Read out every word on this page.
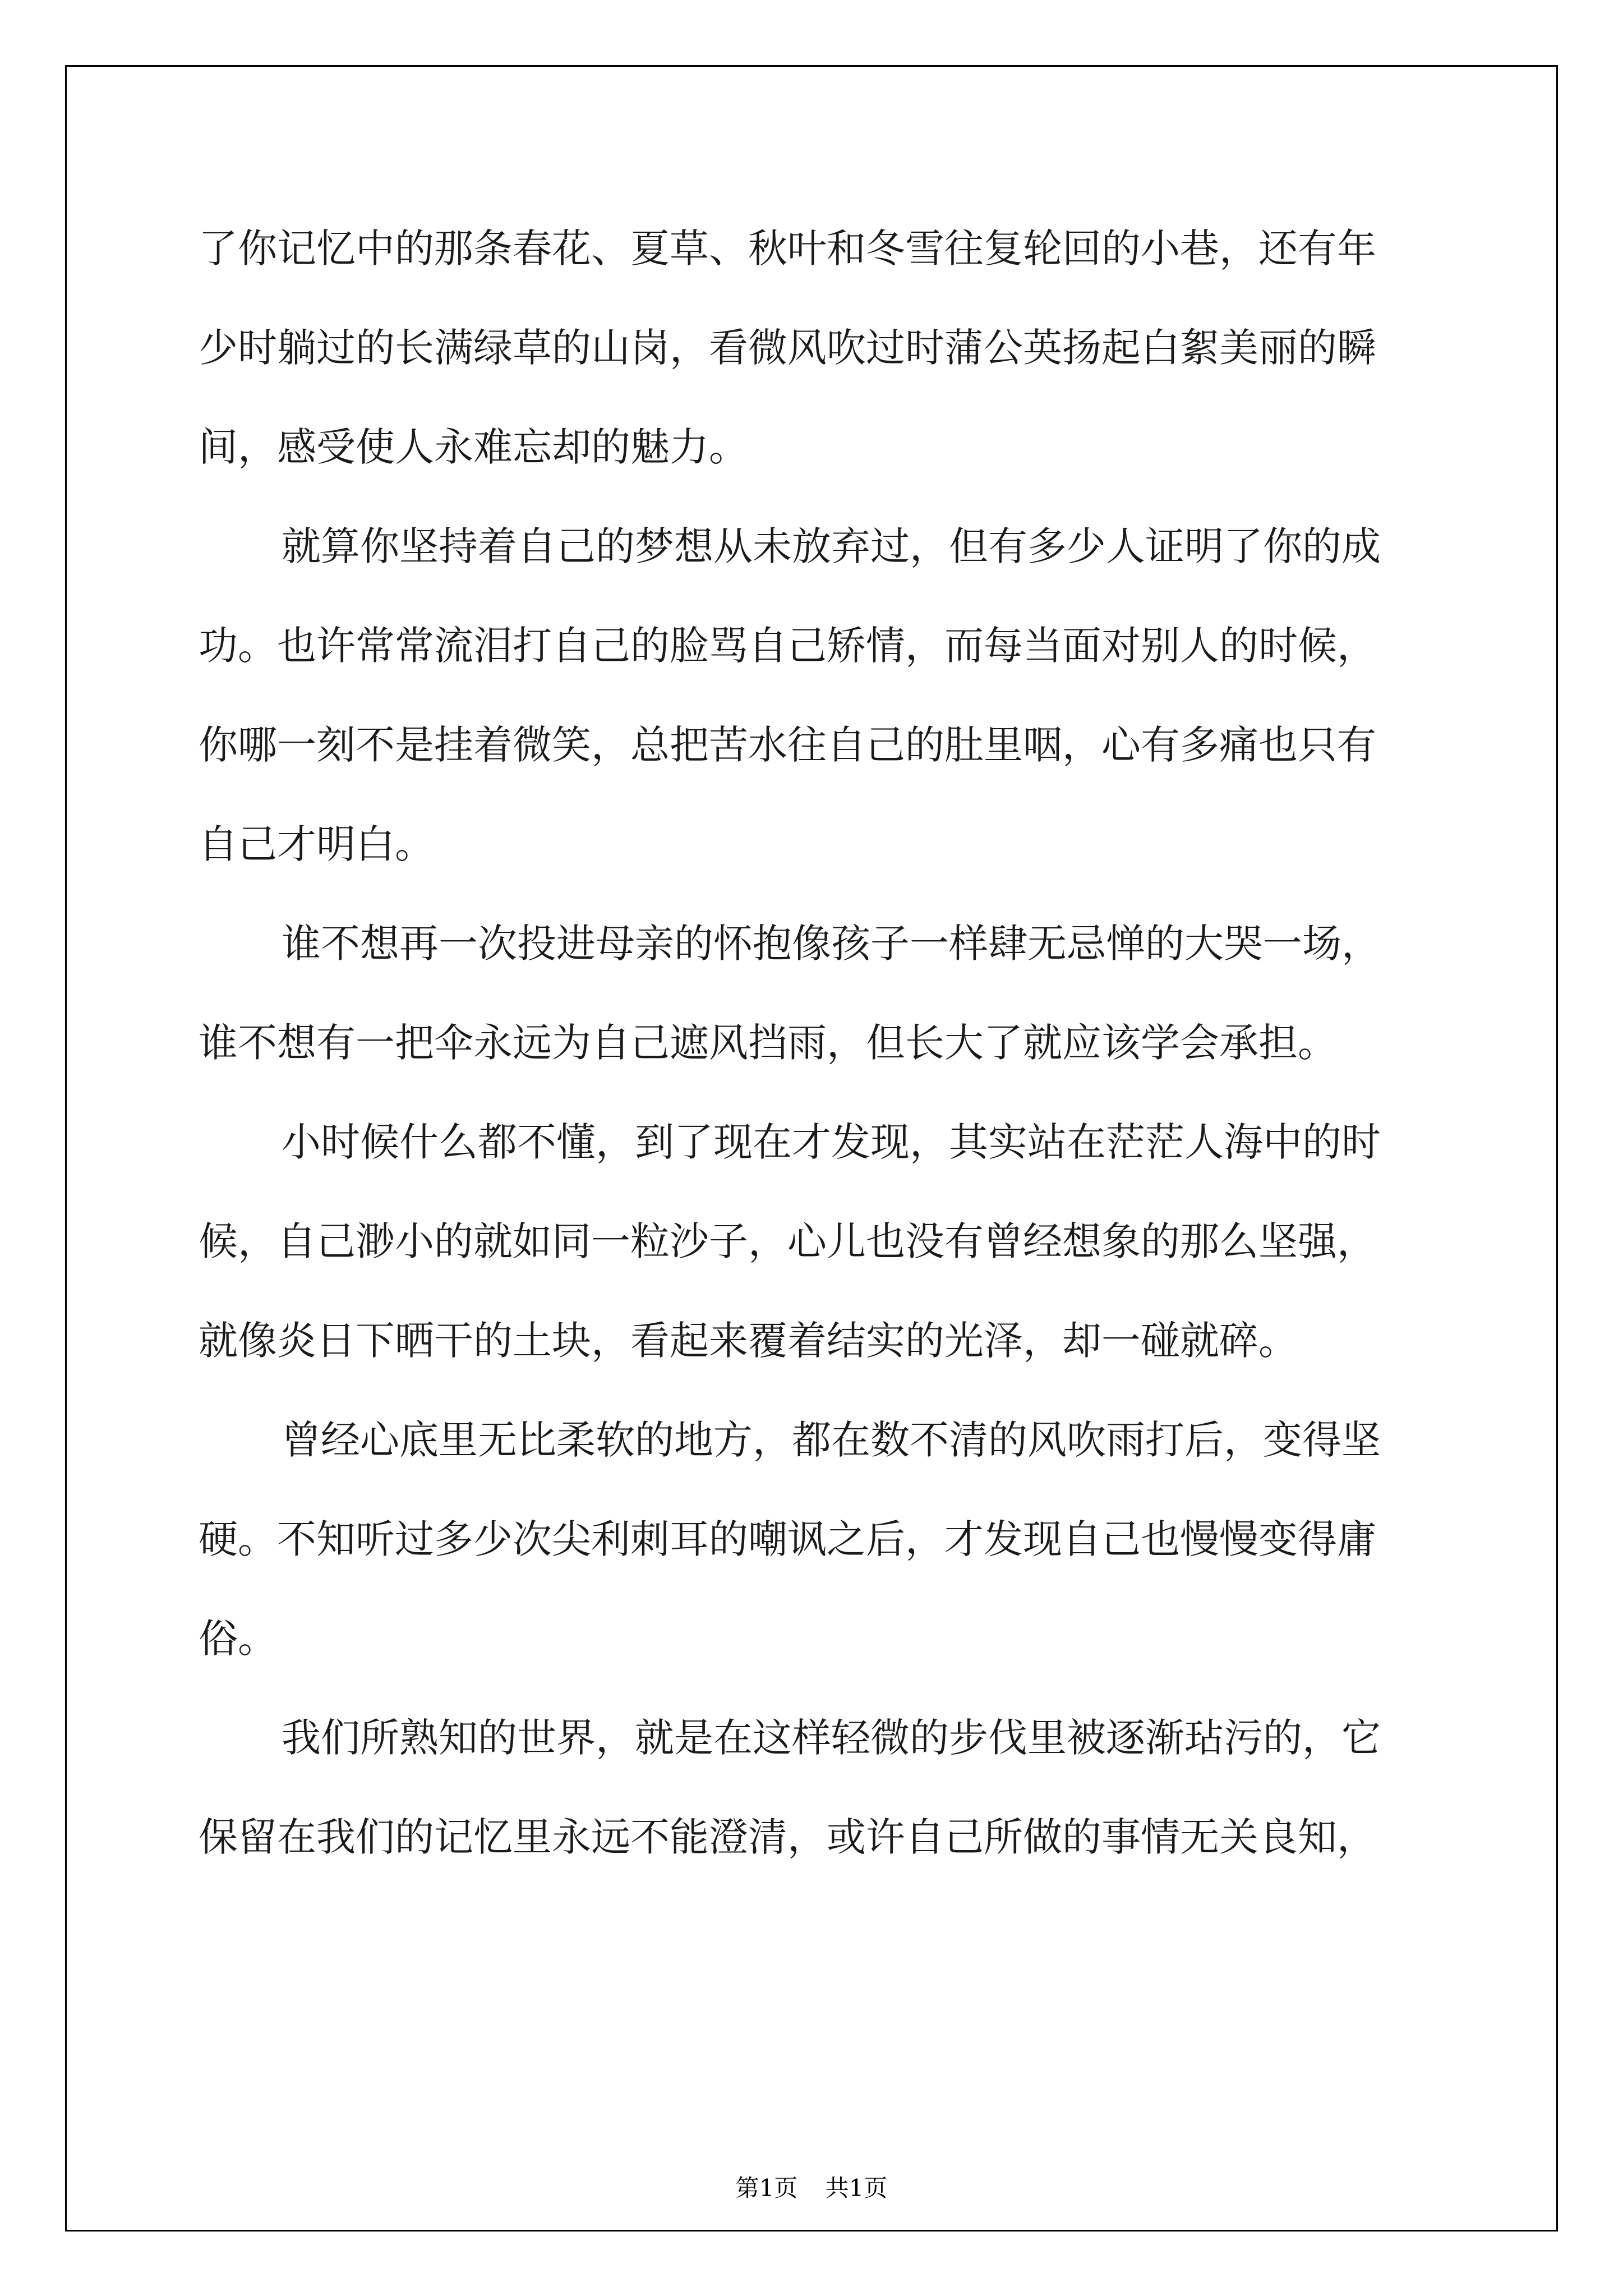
了你记忆中的那条春花、夏草、秋叶和冬雪往复轮回的小巷，还有年
少时躺过的长满绿草的山岗，看微风吹过时蒲公英扬起白絮美丽的瞬
间，感受使人永难忘却的魅力。
就算你坚持着自己的梦想从未放弃过，但有多少人证明了你的成
功。也许常常流泪打自己的脸骂自己矫情，而每当面对别人的时候，
你哪一刻不是挂着微笑，总把苦水往自己的肚里咽，心有多痛也只有
自己才明白。
谁不想再一次投进母亲的怀抱像孩子一样肆无忌惮的大哭一场，
谁不想有一把伞永远为自己遮风挡雨，但长大了就应该学会承担。
小时候什么都不懂，到了现在才发现，其实站在茫茫人海中的时
候，自己渺小的就如同一粒沙子，心儿也没有曾经想象的那么坚强，
就像炎日下晒干的土块，看起来覆着结实的光泽，却一碰就碎。
曾经心底里无比柔软的地方，都在数不清的风吹雨打后，变得坚
硬。不知听过多少次尖利刺耳的嘲讽之后，才发现自己也慢慢变得庸
俗。
我们所熟知的世界，就是在这样轻微的步伐里被逐渐玷污的，它
保留在我们的记忆里永远不能澄清，或许自己所做的事情无关良知，
第1页 共1页
